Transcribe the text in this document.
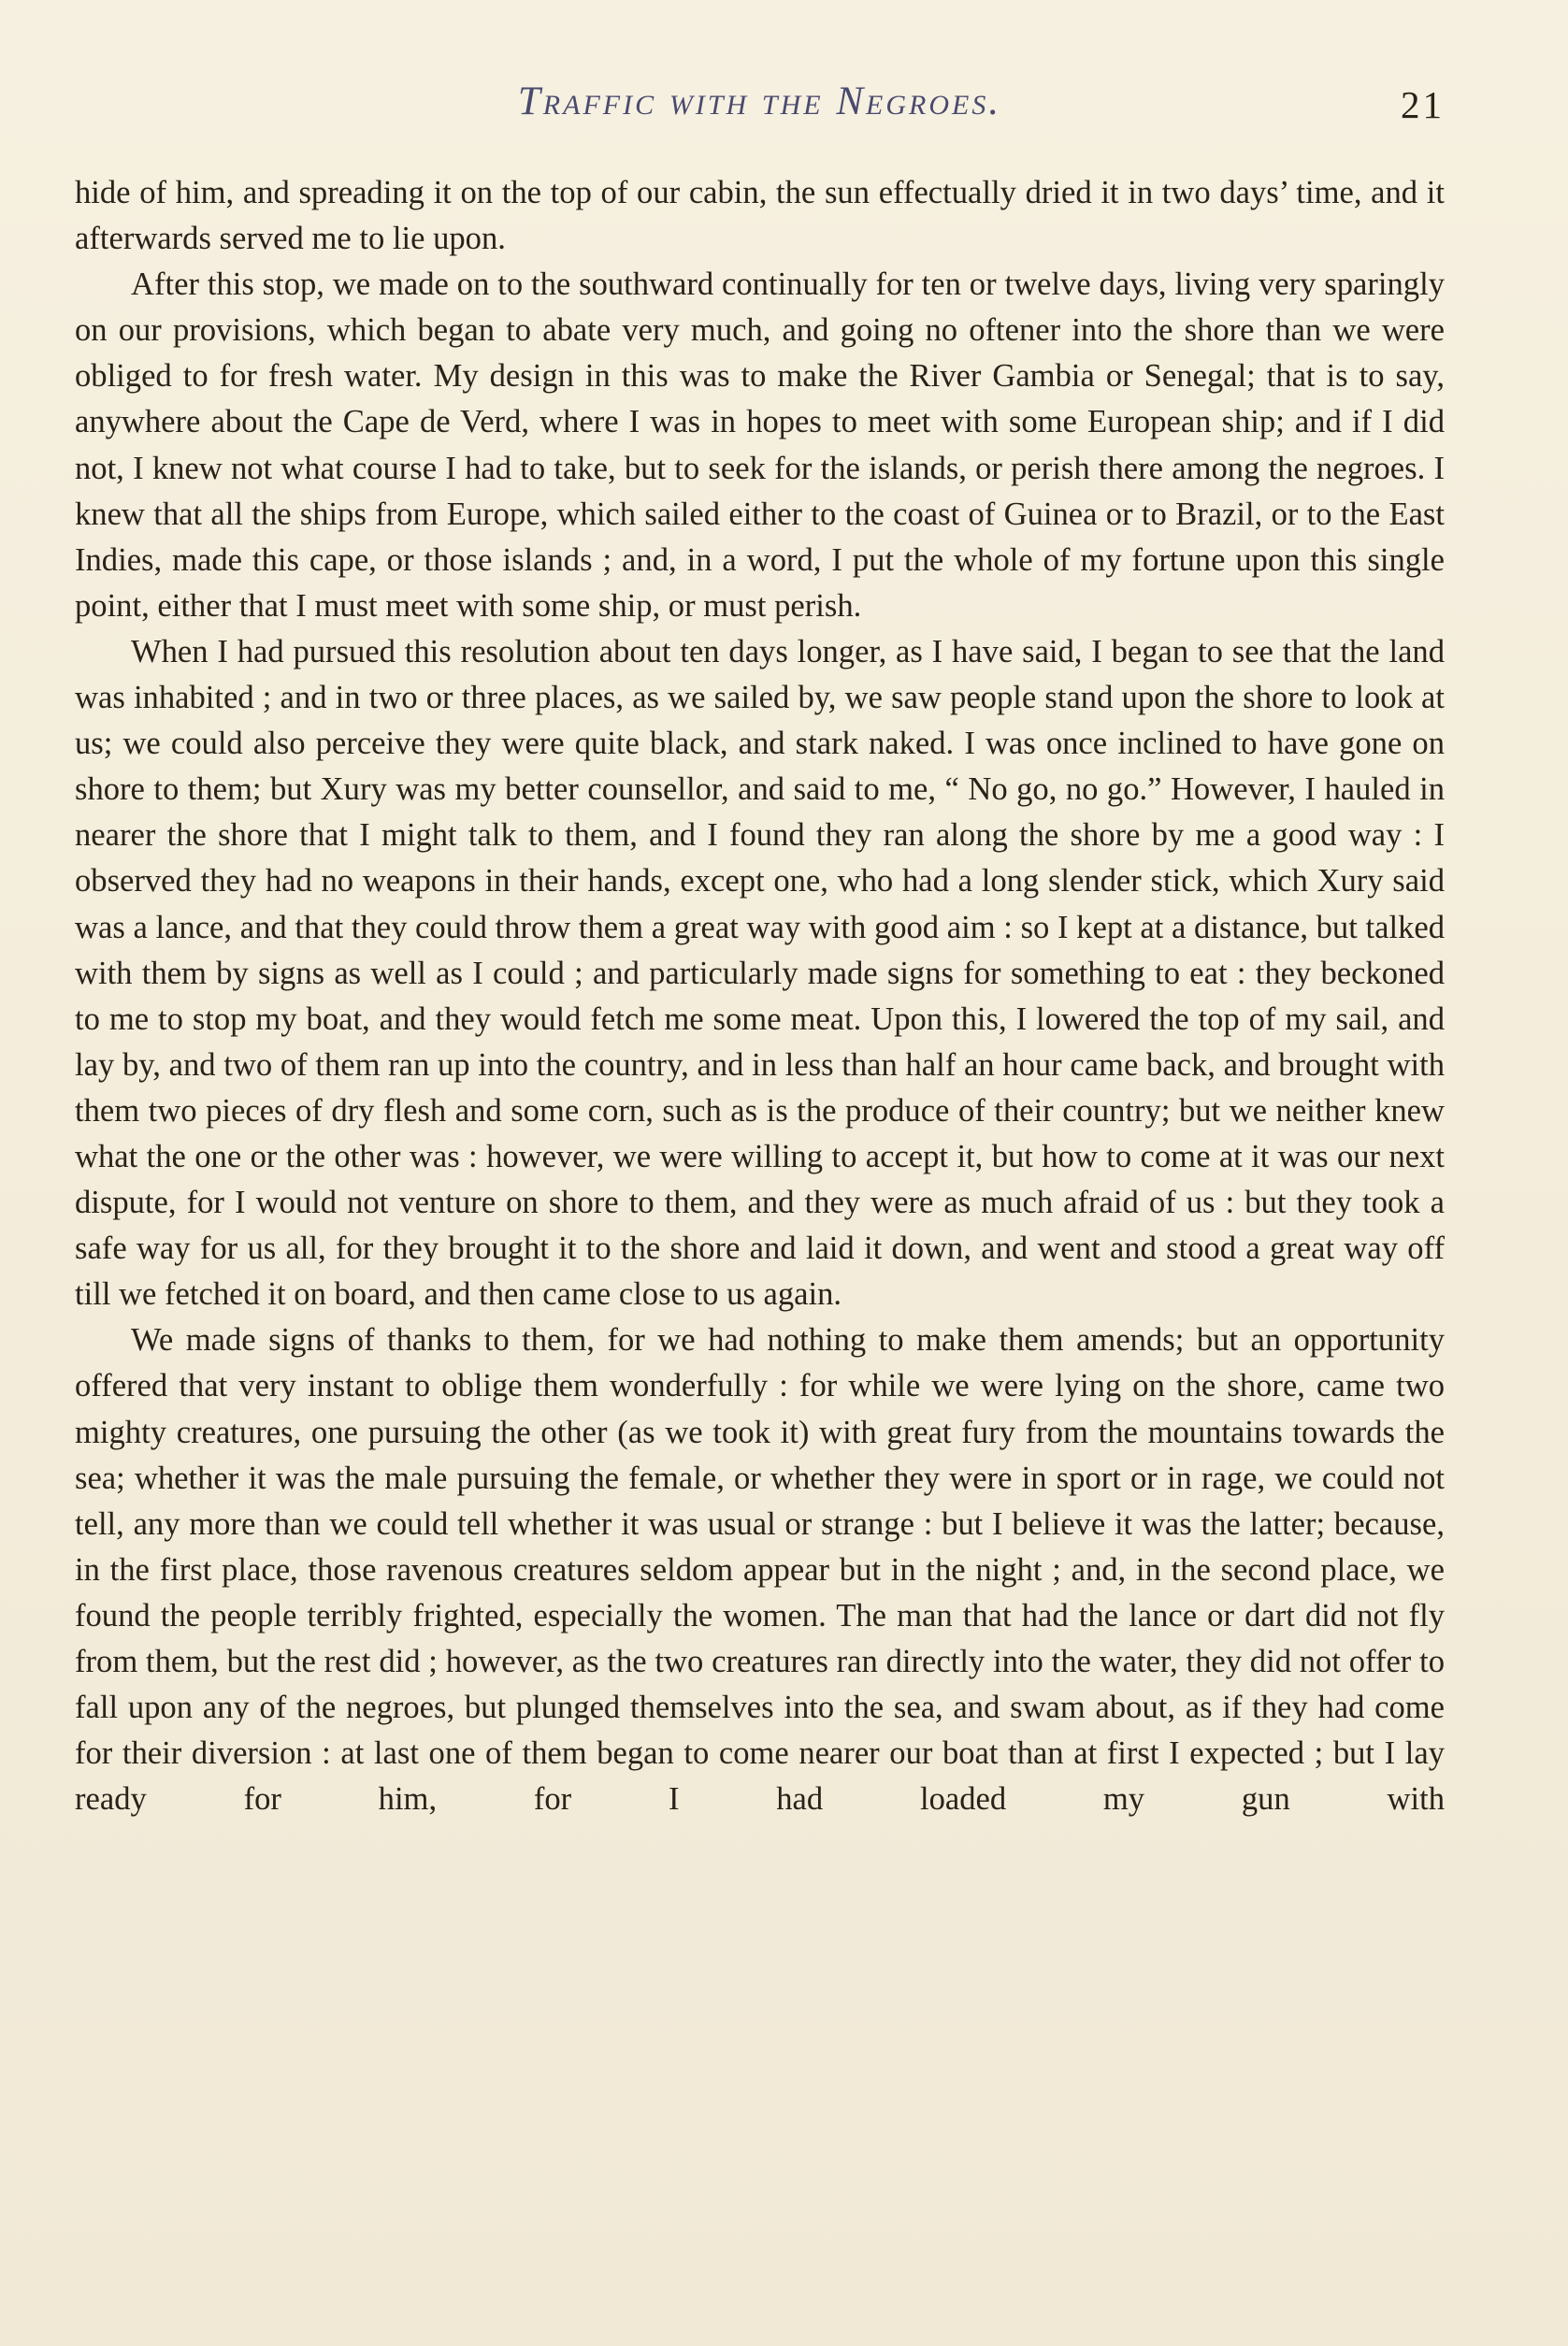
Traffic with the Negroes.	21

hide of him, and spreading it on the top of our cabin, the sun effectually dried it in two days’ time, and it afterwards served me to lie upon.

After this stop, we made on to the southward continually for ten or twelve days, living very sparingly on our provisions, which began to abate very much, and going no oftener into the shore than we were obliged to for fresh water. My design in this was to make the River Gambia or Senegal; that is to say, anywhere about the Cape de Verd, where I was in hopes to meet with some European ship; and if I did not, I knew not what course I had to take, but to seek for the islands, or perish there among the negroes. I knew that all the ships from Europe, which sailed either to the coast of Guinea or to Brazil, or to the East Indies, made this cape, or those islands ; and, in a word, I put the whole of my fortune upon this single point, either that I must meet with some ship, or must perish.

When I had pursued this resolution about ten days longer, as I have said, I began to see that the land was inhabited ; and in two or three places, as we sailed by, we saw people stand upon the shore to look at us; we could also perceive they were quite black, and stark naked. I was once inclined to have gone on shore to them; but Xury was my better counsellor, and said to me, “ No go, no go.” However, I hauled in nearer the shore that I might talk to them, and I found they ran along the shore by me a good way : I observed they had no weapons in their hands, except one, who had a long slender stick, which Xury said was a lance, and that they could throw them a great way with good aim : so I kept at a distance, but talked with them by signs as well as I could ; and particularly made signs for something to eat : they beckoned to me to stop my boat, and they would fetch me some meat. Upon this, I lowered the top of my sail, and lay by, and two of them ran up into the country, and in less than half an hour came back, and brought with them two pieces of dry flesh and some corn, such as is the produce of their country; but we neither knew what the one or the other was : however, we were willing to accept it, but how to come at it was our next dispute, for I would not venture on shore to them, and they were as much afraid of us : but they took a safe way for us all, for they brought it to the shore and laid it down, and went and stood a great way off till we fetched it on board, and then came close to us again.

We made signs of thanks to them, for we had nothing to make them amends; but an opportunity offered that very instant to oblige them wonderfully : for while we were lying on the shore, came two mighty creatures, one pursuing the other (as we took it) with great fury from the mountains towards the sea; whether it was the male pursuing the female, or whether they were in sport or in rage, we could not tell, any more than we could tell whether it was usual or strange : but I believe it was the latter; because, in the first place, those ravenous creatures seldom appear but in the night ; and, in the second place, we found the people terribly frighted, especially the women. The man that had the lance or dart did not fly from them, but the rest did ; however, as the two creatures ran directly into the water, they did not offer to fall upon any of the negroes, but plunged themselves into the sea, and swam about, as if they had come for their diversion : at last one of them began to come nearer our boat than at first I expected ; but I lay ready for him, for I had loaded my gun with
